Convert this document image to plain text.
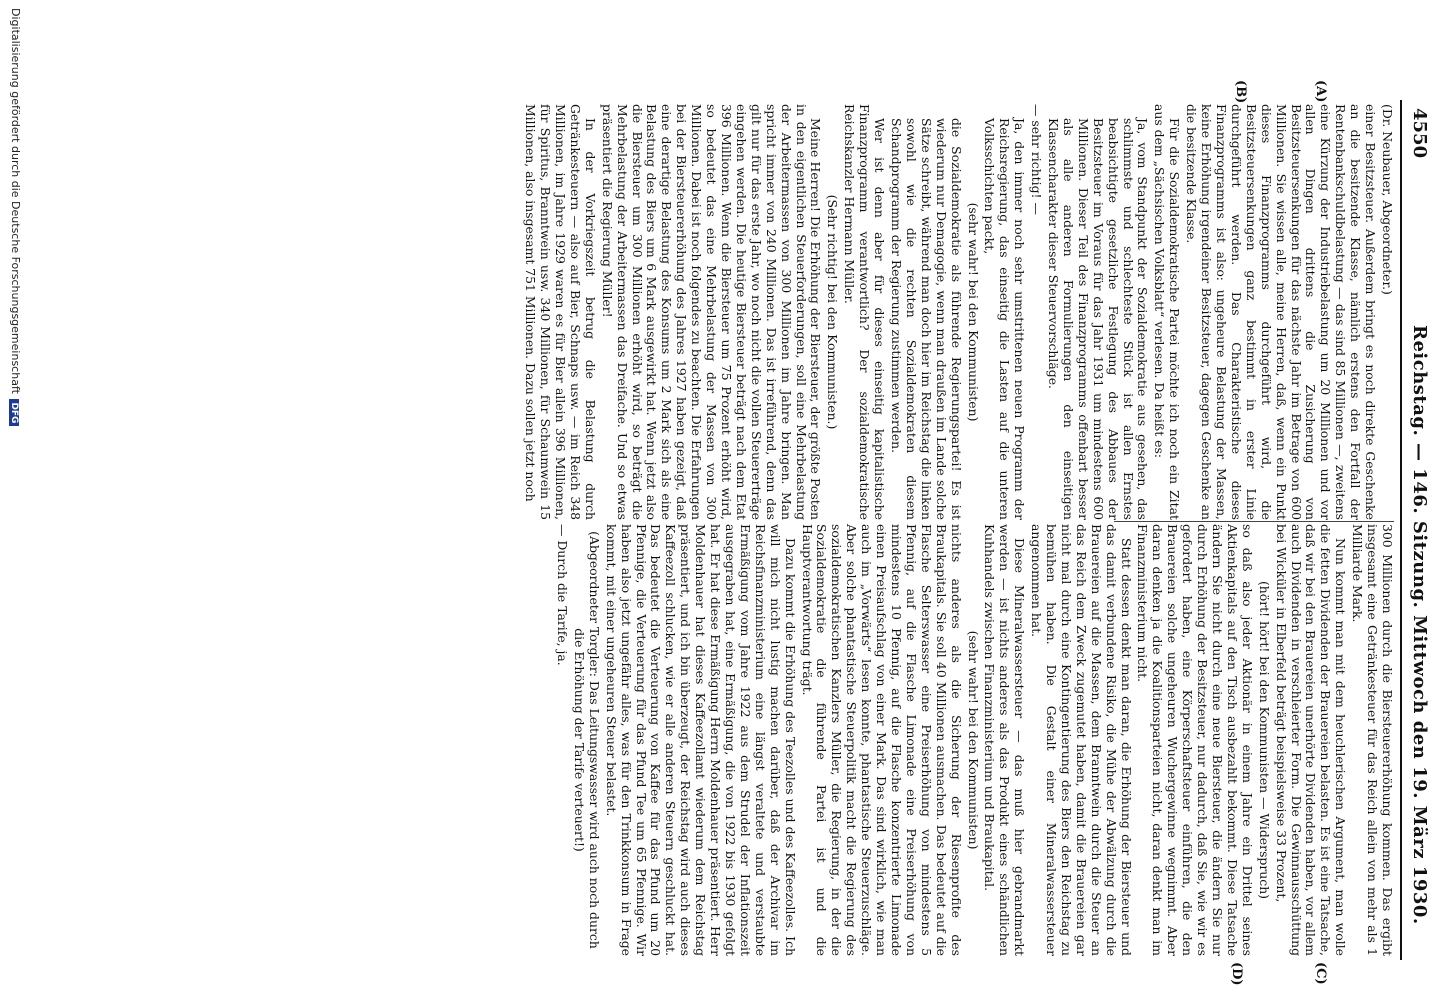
4550
Reichstag. — 146. Sitzung. Mittwoch den 19. März 1930.
(A)
(B)
(C)
(D)

(Dr. Neubauer, Abgeordneter.)

einer Besitzsteuer. Außerdem bringt es noch direkte Geschenke an die besitzende Klasse, nämlich erstens den Fortfall der Rentenbankschuldbelastung — das sind 85 Millionen —, zweitens eine Kürzung der Industriebelastung um 20 Millionen und vor allen Dingen drittens die Zusicherung von Besitzsteuersenkungen für das nächste Jahr im Betrage von 600 Millionen. Sie wissen alle, meine Herren, daß, wenn ein Punkt dieses Finanzprogramms durchgeführt wird, die Besitzsteuersenkungen ganz bestimmt in erster Linie durchgeführt werden. Das Charakteristische dieses Finanzprogramms ist also: ungeheure Belastung der Massen, keine Erhöhung irgendeiner Besitzsteuer, dagegen Geschenke an die besitzende Klasse.

Für die Sozialdemokratische Partei möchte ich noch ein Zitat aus dem „Sächsischen Volksblatt“ verlesen. Da heißt es:

Ja, vom Standpunkt der Sozialdemokratie aus gesehen, das schlimmste und schlechteste Stück ist allen Ernstes beabsichtigte gesetzliche Festlegung des Abbaues der Besitzsteuer im Voraus für das Jahr 1931 um mindestens 600 Millionen. Dieser Teil des Finanzprogramms offenbart besser als alle anderen Formulierungen den einseitigen Klassencharakter dieser Steuervorschläge.

— sehr richtig! —

Ja, den immer noch sehr umstrittenen neuen Programm der Reichsregierung, das einseitig die Lasten auf die unteren Volksschichten packt,

(sehr wahr! bei den Kommunisten)

die Sozialdemokratie als führende Regierungspartei! Es ist wiederum nur Demagogie, wenn man draußen im Lande solche Sätze schreibt, während man doch hier im Reichstag die linken sowohl wie die rechten Sozialdemokraten diesem Schandprogramm der Regierung zustimmen werden.

Wer ist denn aber für dieses einseitig kapitalistische Finanzprogramm verantwortlich? Der sozialdemokratische Reichskanzler Hermann Müller.

(Sehr richtig! bei den Kommunisten.)

Meine Herren! Die Erhöhung der Biersteuer, der größte Posten in den eigentlichen Steuerforderungen, soll eine Mehrbelastung der Arbeitermassen von 300 Millionen im Jahre bringen. Man spricht immer von 240 Millionen. Das ist irreführend, denn das gilt nur für das erste Jahr, wo noch nicht die vollen Steuererträge eingehen werden. Die heutige Biersteuer beträgt nach dem Etat 396 Millionen. Wenn die Biersteuer um 75 Prozent erhöht wird, so bedeutet das eine Mehrbelastung der Massen von 300 Millionen. Dabei ist noch folgendes zu beachten. Die Erfahrungen bei der Biersteuererhöhung des Jahres 1927 haben gezeigt, daß eine derartige Belastung des Konsums um 2 Mark sich als eine Belastung des Biers um 6 Mark ausgewirkt hat. Wenn jetzt also die Biersteuer um 300 Millionen erhöht wird, so beträgt die Mehrbelastung der Arbeitermassen das Dreifache. Und so etwas präsentiert die Regierung Müller!

In der Vorkriegszeit betrug die Belastung durch Getränkesteuern — also auf Bier, Schnaps usw. — im Reich 348 Millionen, im Jahre 1929 waren es für Bier allein 396 Millionen, für Spiritus, Branntwein usw. 340 Millionen, für Schaumwein 15 Millionen, also insgesamt 751 Millionen. Dazu sollen jetzt noch

300 Millionen durch die Biersteuererhöhung kommen. Das ergibt insgesamt eine Getränkesteuer für das Reich allein von mehr als 1 Milliarde Mark.

Nun kommt man mit dem heuchlerischen Argument, man wolle die fetten Dividenden der Brauereien belasten. Es ist eine Tatsache, daß wir bei den Brauereien unerhörte Dividenden haben, vor allem auch Dividenden in verschleierter Form. Die Gewinnausschüttung bei Wicküler in Elberfeld beträgt beispielsweise 33 Prozent,

(hört! hört! bei den Kommunisten — Widerspruch)

so daß also jeder Aktionär in einem Jahre ein Drittel seines Aktienkapitals auf den Tisch ausbezahlt bekommt. Diese Tatsache ändern Sie nicht durch eine neue Biersteuer, die ändern Sie nur durch Erhöhung der Besitzsteuer, nur dadurch, daß Sie, wie wir es gefordert haben, eine Körperschaftsteuer einführen, die den Brauereien solche ungeheuren Wuchergewinne wegnimmt. Aber daran denken ja die Koalitionsparteien nicht, daran denkt man im Finanzministerium nicht.

Statt dessen denkt man daran, die Erhöhung der Biersteuer und das damit verbundene Risiko, die Mühe der Abwälzung durch die Brauereien auf die Massen, dem Branntwein durch die Steuer an das Reich dem Zweck zugemutet haben, damit die Brauereien gar nicht mal durch eine Kontingentierung des Biers den Reichstag zu bemühen haben. Die Gestalt einer Mineralwassersteuer angenommen hat.

Diese Mineralwassersteuer — das muß hier gebrandmarkt werden — ist nichts anderes als das Produkt eines schändlichen Kuhhandels zwischen Finanzministerium und Braukapital.

(sehr wahr! bei den Kommunisten)

nichts anderes als die Sicherung der Riesenprofite des Braukapitals. Sie soll 40 Millionen ausmachen. Das bedeutet auf die Flasche Selterswasser eine Preiserhöhung von mindestens 5 Pfennig, auf die Flasche Limonade eine Preiserhöhung von mindestens 10 Pfennig, auf die Flasche konzentrierte Limonade einen Preisaufschlag von einer Mark. Das sind wirklich, wie man auch im „Vorwärts“ lesen konnte, phantastische Steuerzuschläge. Aber solche phantastische Steuerpolitik macht die Regierung des sozialdemokratischen Kanzlers Müller, die Regierung, in der die Sozialdemokratie die führende Partei ist und die Hauptverantwortung trägt.

Dazu kommt die Erhöhung des Teezolles und des Kaffeezolles. Ich will mich nicht lustig machen darüber, daß der Archivar im Reichsfinanzministerium eine längst veraltete und verstaubte Ermäßigung vom Jahre 1922 aus dem Strudel der Inflationszeit ausgegraben hat, eine Ermäßigung, die von 1922 bis 1930 gefolgt hat. Er hat diese Ermäßigung Herrn Moldenhauer präsentiert. Herr Moldenhauer hat dieses Kaffeezollamt wiederum dem Reichstag präsentiert, und ich bin überzeugt, der Reichstag wird auch dieses Kaffeezoll schlucken, wie er alle anderen Steuern geschluckt hat. Das bedeutet die Verteuerung von Kaffee für das Pfund um 20 Pfennige, die Verteuerung für das Pfund Tee um 65 Pfennige. Wir haben also jetzt ungefähr alles, was für den Trinkkonsum in Frage kommt, mit einer ungeheuren Steuer belastet.

(Abgeordneter Torgler: Das Leitungswasser wird auch noch durch die Erhöhung der Tarife verteuert!)

— Durch die Tarife, ja.

Digitalisierung gefördert durch die Deutsche Forschungsgemeinschaft DFG
